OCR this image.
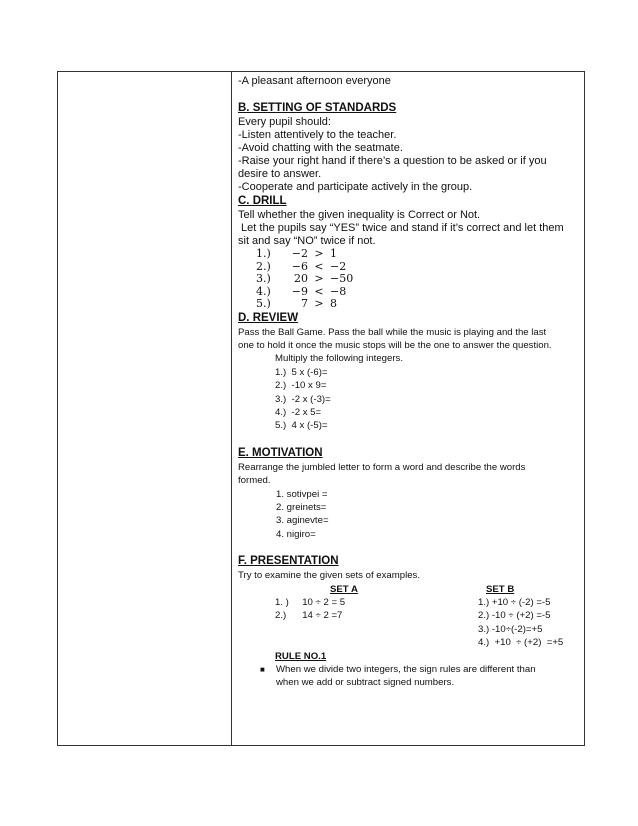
-A pleasant afternoon everyone
B. SETTING OF STANDARDS
Every pupil should:
-Listen attentively to the teacher.
-Avoid chatting with the seatmate.
-Raise your right hand if there’s a question to be asked or if you
desire to answer.
-Cooperate and participate actively in the group.
C. DRILL
Tell whether the given inequality is Correct or Not.
Let the pupils say “YES” twice and stand if it’s correct and let them
sit and say “NO” twice if not.
1.)	−2 > 1
2.)	−6 < −2
3.)	20 > −50
4.)	−9 < −8
5.)	7 > 8
D. REVIEW
Pass the Ball Game. Pass the ball while the music is playing and the last
one to hold it once the music stops will be the one to answer the question.
Multiply the following integers.
1.)  5 x (-6)=
2.)  -10 x 9=
3.)  -2 x (-3)=
4.)  -2 x 5=
5.)  4 x (-5)=
E. MOTIVATION
Rearrange the jumbled letter to form a word and describe the words
formed.
1. sotivpei =
2. greinets=
3. aginevte=
4. nigiro=
F. PRESENTATION
Try to examine the given sets of examples.
SET A
1. )     10 ÷ 2 = 5
2.)      14 ÷ 2 =7
SET B
1.) +10 ÷ (-2) =-5
2.) -10 ÷ (+2) =-5
3.) -10÷(-2)=+5
4.)  +10  ÷ (+2)  =+5
RULE NO.1
■	When we divide two integers, the sign rules are different than
when we add or subtract signed numbers.
